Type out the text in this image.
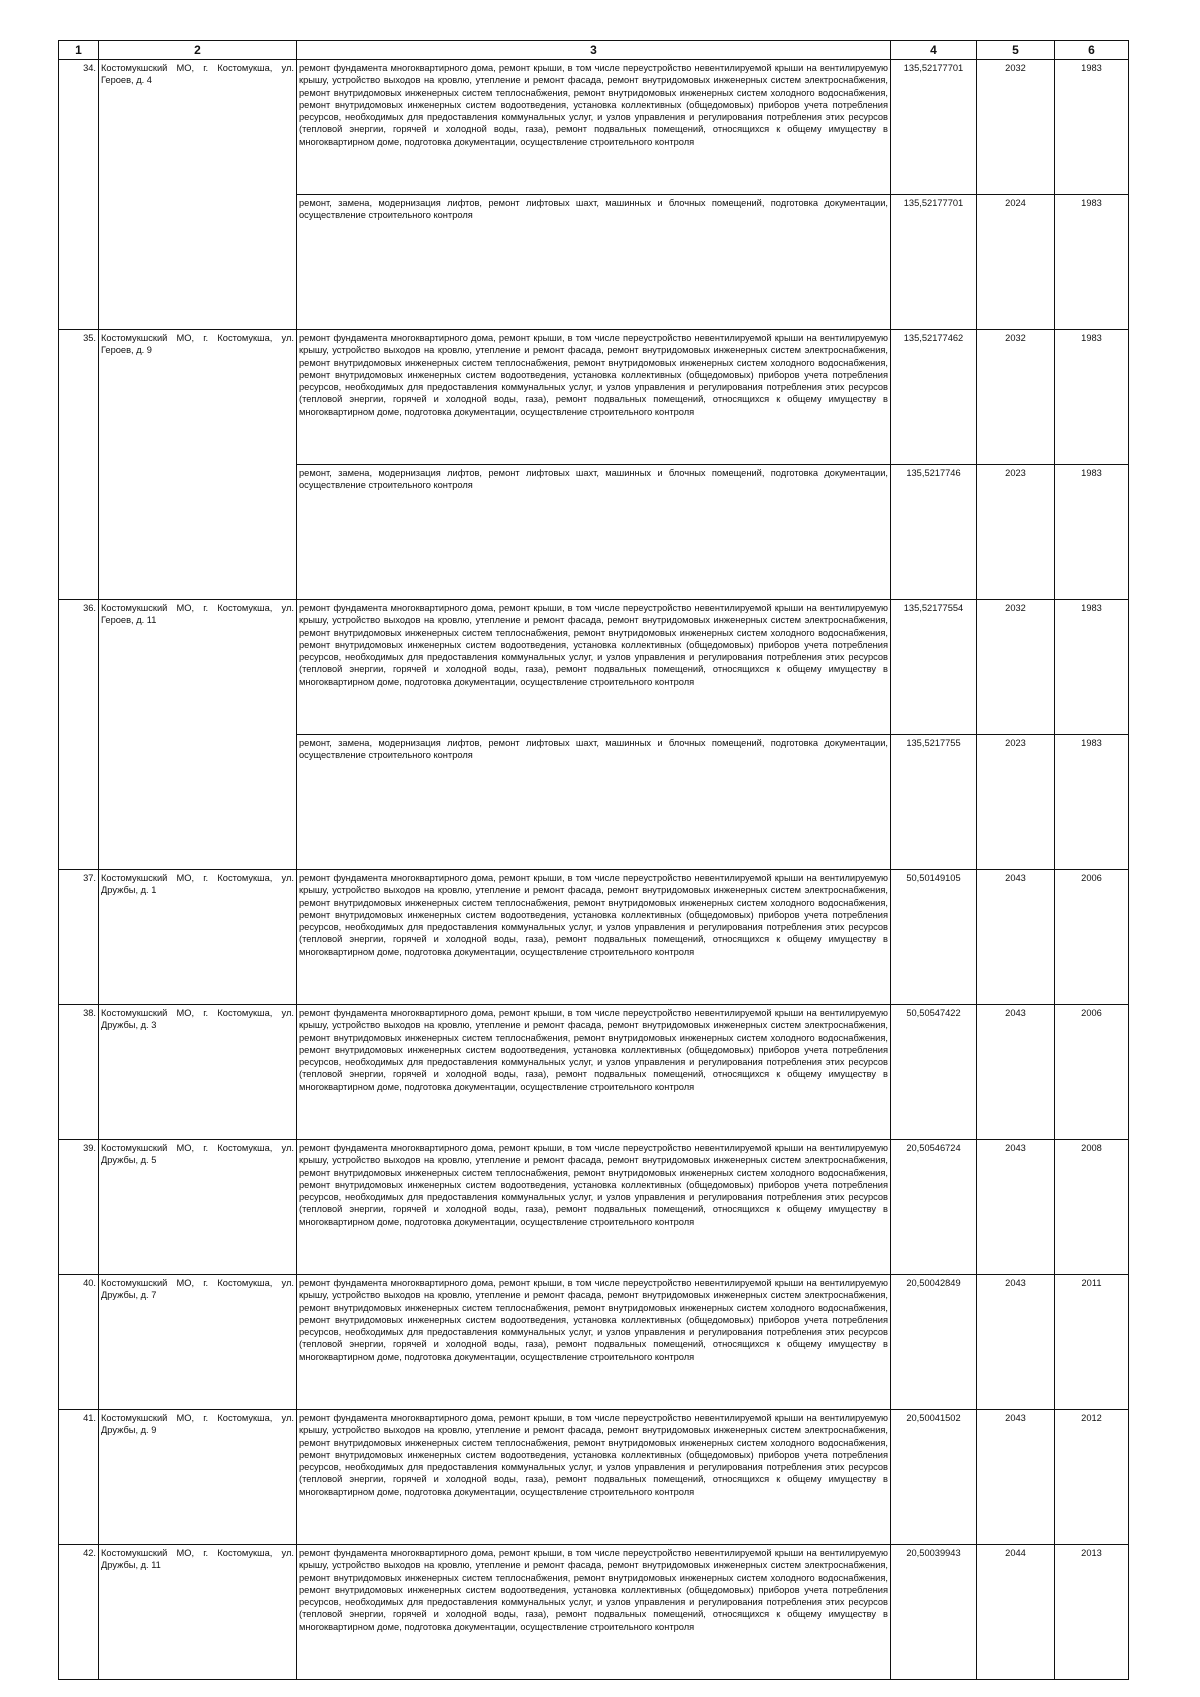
1	2	3	4	5	6
34.	Костомукшский МО, г. Костомукша, ул. Героев, д. 4	ремонт фундамента многоквартирного дома, ремонт крыши, в том числе переустройство невентилируемой крыши на вентилируемую крышу, устройство выходов на кровлю, утепление и ремонт фасада, ремонт внутридомовых инженерных систем электроснабжения, ремонт внутридомовых инженерных систем теплоснабжения, ремонт внутридомовых инженерных систем холодного водоснабжения, ремонт внутридомовых инженерных систем водоотведения, установка коллективных (общедомовых) приборов учета потребления ресурсов, необходимых для предоставления коммунальных услуг, и узлов управления и регулирования потребления этих ресурсов (тепловой энергии, горячей и холодной воды, газа), ремонт подвальных помещений, относящихся к общему имуществу в многоквартирном доме, подготовка документации, осуществление строительного контроля	135,52177701	2032	1983
		ремонт, замена, модернизация лифтов, ремонт лифтовых шахт, машинных и блочных помещений, подготовка документации, осуществление строительного контроля	135,52177701	2024	1983
35.	Костомукшский МО, г. Костомукша, ул. Героев, д. 9	ремонт фундамента многоквартирного дома, ремонт крыши, в том числе переустройство невентилируемой крыши на вентилируемую крышу, устройство выходов на кровлю, утепление и ремонт фасада, ремонт внутридомовых инженерных систем электроснабжения, ремонт внутридомовых инженерных систем теплоснабжения, ремонт внутридомовых инженерных систем холодного водоснабжения, ремонт внутридомовых инженерных систем водоотведения, установка коллективных (общедомовых) приборов учета потребления ресурсов, необходимых для предоставления коммунальных услуг, и узлов управления и регулирования потребления этих ресурсов (тепловой энергии, горячей и холодной воды, газа), ремонт подвальных помещений, относящихся к общему имуществу в многоквартирном доме, подготовка документации, осуществление строительного контроля	135,52177462	2032	1983
		ремонт, замена, модернизация лифтов, ремонт лифтовых шахт, машинных и блочных помещений, подготовка документации, осуществление строительного контроля	135,5217746	2023	1983
36.	Костомукшский МО, г. Костомукша, ул. Героев, д. 11	ремонт фундамента многоквартирного дома, ремонт крыши, в том числе переустройство невентилируемой крыши на вентилируемую крышу, устройство выходов на кровлю, утепление и ремонт фасада, ремонт внутридомовых инженерных систем электроснабжения, ремонт внутридомовых инженерных систем теплоснабжения, ремонт внутридомовых инженерных систем холодного водоснабжения, ремонт внутридомовых инженерных систем водоотведения, установка коллективных (общедомовых) приборов учета потребления ресурсов, необходимых для предоставления коммунальных услуг, и узлов управления и регулирования потребления этих ресурсов (тепловой энергии, горячей и холодной воды, газа), ремонт подвальных помещений, относящихся к общему имуществу в многоквартирном доме, подготовка документации, осуществление строительного контроля	135,52177554	2032	1983
		ремонт, замена, модернизация лифтов, ремонт лифтовых шахт, машинных и блочных помещений, подготовка документации, осуществление строительного контроля	135,5217755	2023	1983
37.	Костомукшский МО, г. Костомукша, ул. Дружбы, д. 1	ремонт фундамента многоквартирного дома, ремонт крыши, в том числе переустройство невентилируемой крыши на вентилируемую крышу, устройство выходов на кровлю, утепление и ремонт фасада, ремонт внутридомовых инженерных систем электроснабжения, ремонт внутридомовых инженерных систем теплоснабжения, ремонт внутридомовых инженерных систем холодного водоснабжения, ремонт внутридомовых инженерных систем водоотведения, установка коллективных (общедомовых) приборов учета потребления ресурсов, необходимых для предоставления коммунальных услуг, и узлов управления и регулирования потребления этих ресурсов (тепловой энергии, горячей и холодной воды, газа), ремонт подвальных помещений, относящихся к общему имуществу в многоквартирном доме, подготовка документации, осуществление строительного контроля	50,50149105	2043	2006
38.	Костомукшский МО, г. Костомукша, ул. Дружбы, д. 3	ремонт фундамента многоквартирного дома, ремонт крыши, в том числе переустройство невентилируемой крыши на вентилируемую крышу, устройство выходов на кровлю, утепление и ремонт фасада, ремонт внутридомовых инженерных систем электроснабжения, ремонт внутридомовых инженерных систем теплоснабжения, ремонт внутридомовых инженерных систем холодного водоснабжения, ремонт внутридомовых инженерных систем водоотведения, установка коллективных (общедомовых) приборов учета потребления ресурсов, необходимых для предоставления коммунальных услуг, и узлов управления и регулирования потребления этих ресурсов (тепловой энергии, горячей и холодной воды, газа), ремонт подвальных помещений, относящихся к общему имуществу в многоквартирном доме, подготовка документации, осуществление строительного контроля	50,50547422	2043	2006
39.	Костомукшский МО, г. Костомукша, ул. Дружбы, д. 5	ремонт фундамента многоквартирного дома, ремонт крыши, в том числе переустройство невентилируемой крыши на вентилируемую крышу, устройство выходов на кровлю, утепление и ремонт фасада, ремонт внутридомовых инженерных систем электроснабжения, ремонт внутридомовых инженерных систем теплоснабжения, ремонт внутридомовых инженерных систем холодного водоснабжения, ремонт внутридомовых инженерных систем водоотведения, установка коллективных (общедомовых) приборов учета потребления ресурсов, необходимых для предоставления коммунальных услуг, и узлов управления и регулирования потребления этих ресурсов (тепловой энергии, горячей и холодной воды, газа), ремонт подвальных помещений, относящихся к общему имуществу в многоквартирном доме, подготовка документации, осуществление строительного контроля	20,50546724	2043	2008
40.	Костомукшский МО, г. Костомукша, ул. Дружбы, д. 7	ремонт фундамента многоквартирного дома, ремонт крыши, в том числе переустройство невентилируемой крыши на вентилируемую крышу, устройство выходов на кровлю, утепление и ремонт фасада, ремонт внутридомовых инженерных систем электроснабжения, ремонт внутридомовых инженерных систем теплоснабжения, ремонт внутридомовых инженерных систем холодного водоснабжения, ремонт внутридомовых инженерных систем водоотведения, установка коллективных (общедомовых) приборов учета потребления ресурсов, необходимых для предоставления коммунальных услуг, и узлов управления и регулирования потребления этих ресурсов (тепловой энергии, горячей и холодной воды, газа), ремонт подвальных помещений, относящихся к общему имуществу в многоквартирном доме, подготовка документации, осуществление строительного контроля	20,50042849	2043	2011
41.	Костомукшский МО, г. Костомукша, ул. Дружбы, д. 9	ремонт фундамента многоквартирного дома, ремонт крыши, в том числе переустройство невентилируемой крыши на вентилируемую крышу, устройство выходов на кровлю, утепление и ремонт фасада, ремонт внутридомовых инженерных систем электроснабжения, ремонт внутридомовых инженерных систем теплоснабжения, ремонт внутридомовых инженерных систем холодного водоснабжения, ремонт внутридомовых инженерных систем водоотведения, установка коллективных (общедомовых) приборов учета потребления ресурсов, необходимых для предоставления коммунальных услуг, и узлов управления и регулирования потребления этих ресурсов (тепловой энергии, горячей и холодной воды, газа), ремонт подвальных помещений, относящихся к общему имуществу в многоквартирном доме, подготовка документации, осуществление строительного контроля	20,50041502	2043	2012
42.	Костомукшский МО, г. Костомукша, ул. Дружбы, д. 11	ремонт фундамента многоквартирного дома, ремонт крыши, в том числе переустройство невентилируемой крыши на вентилируемую крышу, устройство выходов на кровлю, утепление и ремонт фасада, ремонт внутридомовых инженерных систем электроснабжения, ремонт внутридомовых инженерных систем теплоснабжения, ремонт внутридомовых инженерных систем холодного водоснабжения, ремонт внутридомовых инженерных систем водоотведения, установка коллективных (общедомовых) приборов учета потребления ресурсов, необходимых для предоставления коммунальных услуг, и узлов управления и регулирования потребления этих ресурсов (тепловой энергии, горячей и холодной воды, газа), ремонт подвальных помещений, относящихся к общему имуществу в многоквартирном доме, подготовка документации, осуществление строительного контроля	20,50039943	2044	2013
